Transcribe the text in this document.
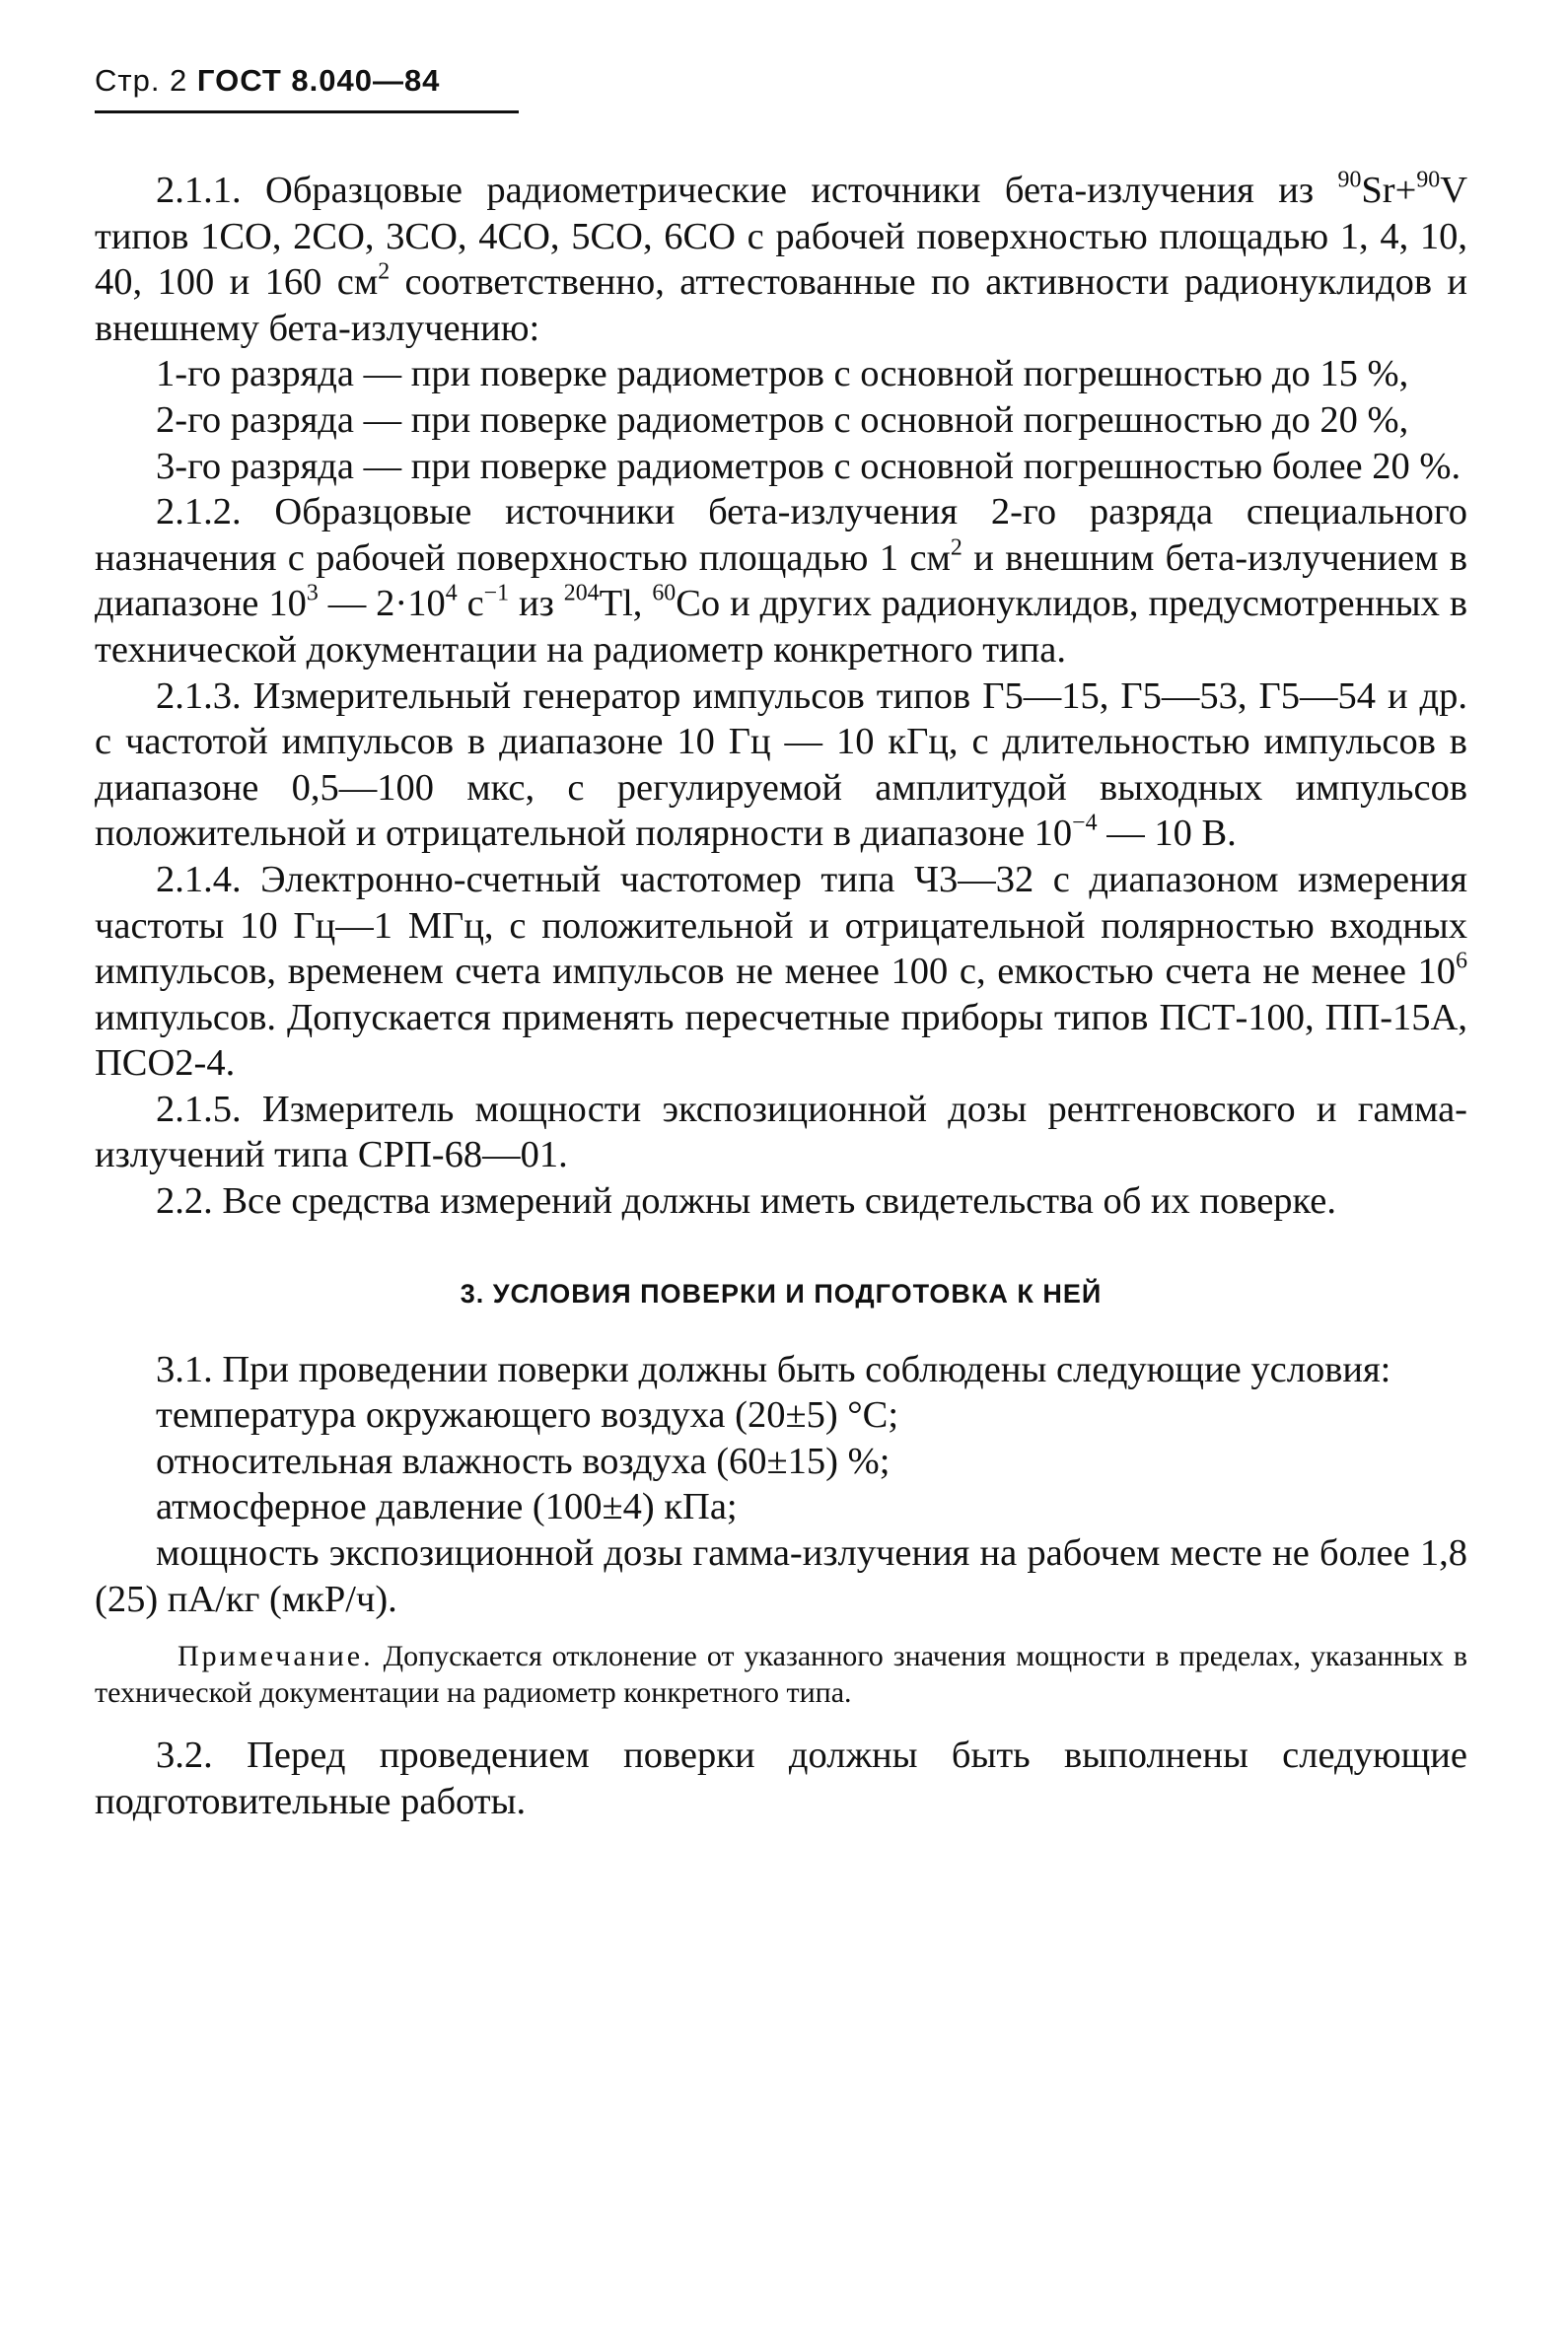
Стр. 2 ГОСТ 8.040—84

2.1.1. Образцовые радиометрические источники бета-излучения из $^{90}$Sr+$^{90}$V типов 1СО, 2СО, 3СО, 4СО, 5СО, 6СО с рабочей поверхностью площадью 1, 4, 10, 40, 100 и 160 $см^2$ соответственно, аттестованные по активности радионуклидов и внешнему бета-излучению:

1-го разряда — при поверке радиометров с основной погрешностью до 15 %,

2-го разряда — при поверке радиометров с основной погрешностью до 20 %,

3-го разряда — при поверке радиометров с основной погрешностью более 20 %.

2.1.2. Образцовые источники бета-излучения 2-го разряда специального назначения с рабочей поверхностью площадью 1 $см^2$ и внешним бета-излучением в диапазоне $10^3$ — $2\cdot 10^4$ $с^{-1}$ из $^{204}$Tl, $^{60}$Co и других радионуклидов, предусмотренных в технической документации на радиометр конкретного типа.

2.1.3. Измерительный генератор импульсов типов Г5—15, Г5—53, Г5—54 и др. с частотой импульсов в диапазоне 10 Гц — 10 кГц, с длительностью импульсов в диапазоне 0,5—100 мкс, с регулируемой амплитудой выходных импульсов положительной и отрицательной полярности в диапазоне $10^{-4}$ — 10 В.

2.1.4. Электронно-счетный частотомер типа Ч3—32 с диапазоном измерения частоты 10 Гц—1 МГц, с положительной и отрицательной полярностью входных импульсов, временем счета импульсов не менее 100 с, емкостью счета не менее $10^6$ импульсов. Допускается применять пересчетные приборы типов ПСТ-100, ПП-15А, ПСО2-4.

2.1.5. Измеритель мощности экспозиционной дозы рентгеновского и гамма-излучений типа СРП-68—01.

2.2. Все средства измерений должны иметь свидетельства об их поверке.

3. УСЛОВИЯ ПОВЕРКИ И ПОДГОТОВКА К НЕЙ

3.1. При проведении поверки должны быть соблюдены следующие условия:

температура окружающего воздуха (20±5) °С;

относительная влажность воздуха (60±15) %;

атмосферное давление (100±4) кПа;

мощность экспозиционной дозы гамма-излучения на рабочем месте не более 1,8 (25) пА/кг (мкР/ч).

Примечание. Допускается отклонение от указанного значения мощности в пределах, указанных в технической документации на радиометр конкретного типа.

3.2. Перед проведением поверки должны быть выполнены следующие подготовительные работы.
